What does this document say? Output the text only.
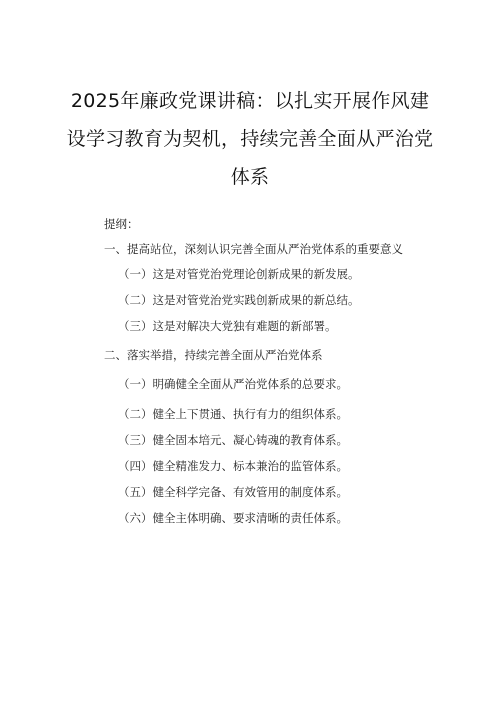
2025年廉政党课讲稿：以扎实开展作风建
设学习教育为契机，持续完善全面从严治党
体系
提纲：
一、提高站位，深刻认识完善全面从严治党体系的重要意义
（一）这是对管党治党理论创新成果的新发展。
（二）这是对管党治党实践创新成果的新总结。
（三）这是对解决大党独有难题的新部署。
二、落实举措，持续完善全面从严治党体系
（一）明确健全全面从严治党体系的总要求。
（二）健全上下贯通、执行有力的组织体系。
（三）健全固本培元、凝心铸魂的教育体系。
（四）健全精准发力、标本兼治的监管体系。
（五）健全科学完备、有效管用的制度体系。
（六）健全主体明确、要求清晰的责任体系。
